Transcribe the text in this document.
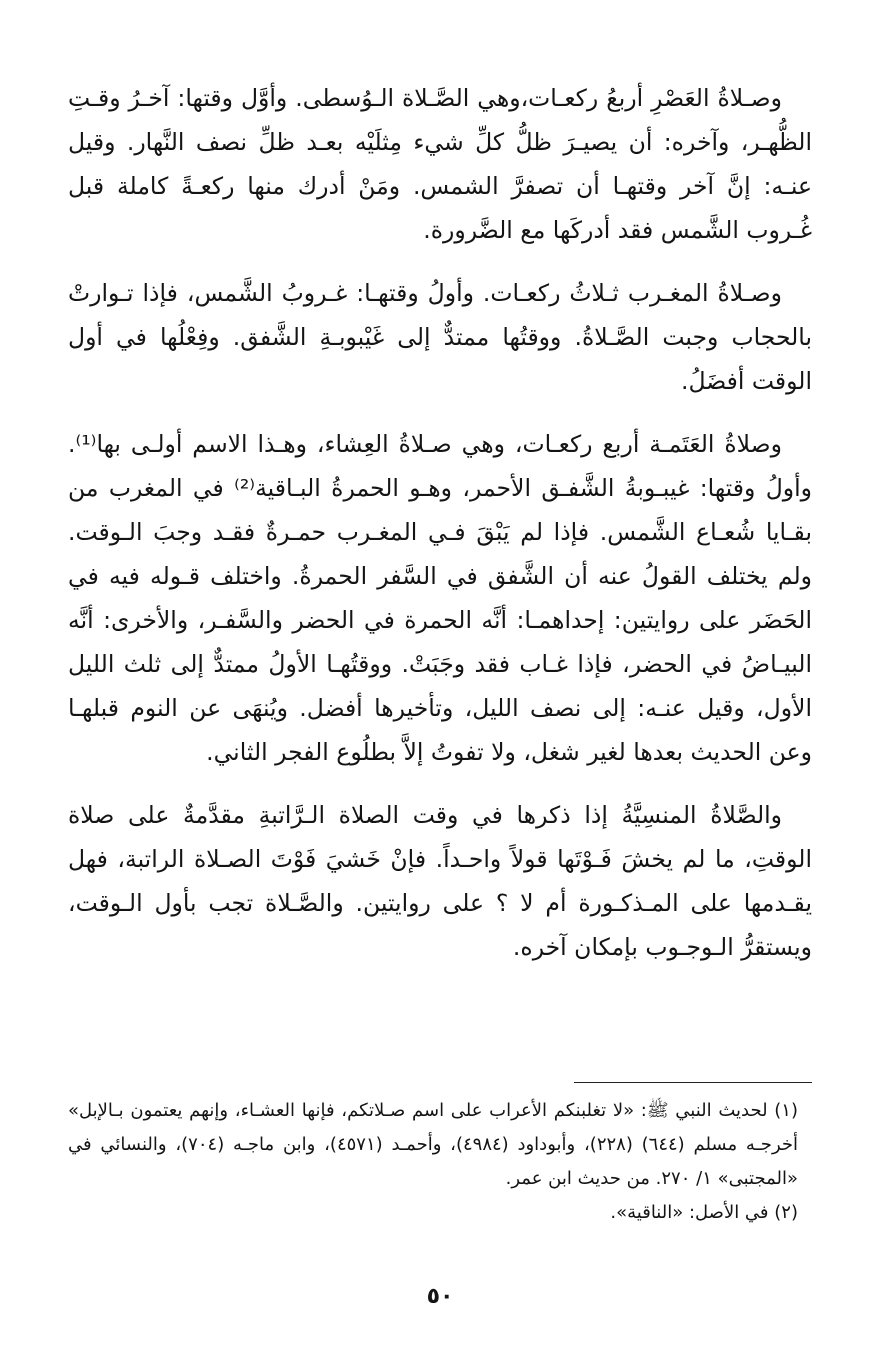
وصـلاةُ العَصْرِ أربعُ ركعـات،وهي الصَّـلاة الـوُسطى. وأوَّل وقتها: آخـرُ وقـتِ الظُّهـر، وآخره: أن يصيـرَ ظلُّ كلِّ شيء مِثلَيْه بعـد ظلِّ نصف النَّهار. وقيل عنـه: إنَّ آخر وقتهـا أن تصفرَّ الشمس. ومَنْ أدرك منها ركعـةً كاملة قبل غُـروب الشَّمس فقد أدركَها مع الضَّرورة.

وصـلاةُ المغـرب ثـلاثُ ركعـات. وأولُ وقتهـا: غـروبُ الشَّمس، فإذا تـوارتْ بالحجاب وجبت الصَّـلاةُ. ووقتُها ممتدٌّ إلى غَيْبوبـةِ الشَّفق. وفِعْلُها في أول الوقت أفضَلُ.

وصلاةُ العَتَمـة أربع ركعـات، وهي صـلاةُ العِشاء، وهـذا الاسم أولـى بها⁽¹⁾. وأولُ وقتها: غيبـوبةُ الشَّفـق الأحمر، وهـو الحمرةُ البـاقية⁽²⁾ في المغرب من بقـايا شُعـاع الشَّمس. فإذا لم يَبْقَ فـي المغـرب حمـرةٌ فقـد وجبَ الـوقت. ولم يختلف القولُ عنه أن الشَّفق في السَّفر الحمرةُ. واختلف قـوله فيه في الحَضَر على روايتين: إحداهمـا: أنَّه الحمرة في الحضر والسَّفـر، والأخرى: أنَّه البيـاضُ في الحضر، فإذا غـاب فقد وجَبَتْ. ووقتُهـا الأولُ ممتدٌّ إلى ثلث الليل الأول، وقيل عنـه: إلى نصف الليل، وتأخيرها أفضل. ويُنهَى عن النوم قبلهـا وعن الحديث بعدها لغير شغل، ولا تفوتُ إلاَّ بطلُوع الفجر الثاني.

والصَّلاةُ المنسِيَّةُ إذا ذكرها في وقت الصلاة الـرَّاتبةِ مقدَّمةٌ على صلاة الوقتِ، ما لم يخشَ فَـوْتَها قولاً واحـداً. فإنْ خَشيَ فَوْتَ الصـلاة الراتبة، فهل يقـدمها على المـذكـورة أم لا ؟ على روايتين. والصَّـلاة تجب بأول الـوقت، ويستقرُّ الـوجـوب بإمكان آخره.

(١) لحديث النبي ﷺ: «لا تغلبنكم الأعراب على اسم صـلاتكم، فإنها العشـاء، وإنهم يعتمون بـالإبل» أخرجـه مسلم (٦٤٤) (٢٢٨)، وأبوداود (٤٩٨٤)، وأحمـد (٤٥٧١)، وابن ماجـه (٧٠٤)، والنسائي في «المجتبى» ١/ ٢٧٠. من حديث ابن عمر.

(٢) في الأصل: «الناقية».

٥٠
